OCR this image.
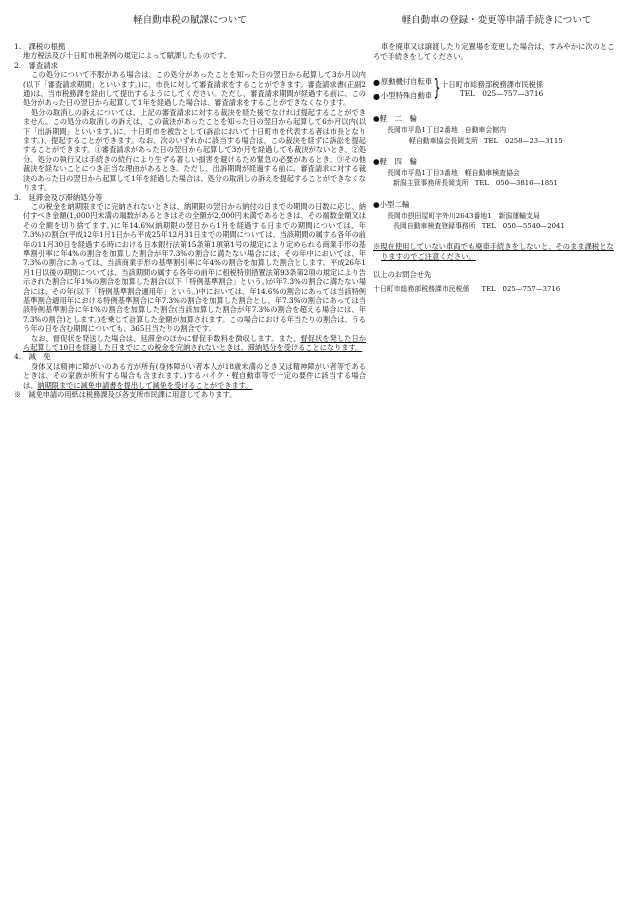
軽自動車税の賦課について
1.　課税の根拠

地方税法及び十日町市税条例の規定によって賦課したものです。

2.　審査請求

この処分について不服がある場合は、この処分があったことを知った日の翌日から起算して3か月以内(以下「審査請求期間」といいます。)に、市長に対して審査請求をすることができます。審査請求書(正副2通)は、当市税務課を経由して提出するようにしてください。ただし、審査請求期間が経過する前に、この処分があった日の翌日から起算して1年を経過した場合は、審査請求をすることができなくなります。

処分の取消しの訴えについては、上記の審査請求に対する裁決を経た後でなければ提起することができません。この処分の取消しの訴えは、この裁決があったことを知った日の翌日から起算して6か月以内(以下「出訴期間」といいます。)に、十日町市を被告として(訴訟において十日町市を代表する者は市長となります。)、提起することができます。なお、次のいずれかに該当する場合は、この裁決を経ずに訴訟を提起することができます。①審査請求があった日の翌日から起算して3か月を経過しても裁決がないとき、②処分、処分の執行又は手続きの続行により生ずる著しい損害を避けるため緊急の必要があるとき、③その他裁決を経ないことにつき正当な理由があるとき。ただし、出訴期間が経過する前に、審査請求に対する裁決のあった日の翌日から起算して1年を経過した場合は、処分の取消しの訴えを提起することができなくなります。

3.　延滞金及び滞納処分等

この税金を納期限までに完納されないときは、納期限の翌日から納付の日までの期間の日数に応じ、納付すべき金額(1,000円未満の端数があるときはその全額が2,000円未満であるときは、その端数金額又はその全額を切り捨てます。)に年14.6%(納期限の翌日から1月を経過する日までの期間については、年7.3%)の割合(平成12年1月1日から平成25年12月31日までの期間については、当該期間の属する各年の前年の11月30日を経過する時における日本銀行法第15条第1項第1号の規定により定められる商業手形の基準割引率に年4%の割合を加算した割合が年7.3%の割合に満たない場合には、その年中においては、年7.3%の割合にあっては、当該商業手形の基準割引率に年4%の割合を加算した割合とします。平成26年1月1日以後の期間については、当該期間の属する各年の前年に租税特別措置法第93条第2項の規定により告示された割合に年1%の割合を加算した割合(以下「特例基準割合」という。)が年7.3%の割合に満たない場合には、その年(以下「特例基準割合適用年」という。)中においては、年14.6%の割合にあっては当該特例基準割合適用年における特例基準割合に年7.3%の割合を加算した割合とし、年7.3%の割合にあっては当該特例基準割合に年1%の割合を加算した割合(当該加算した割合が年7.3%の割合を超える場合には、年7.3%の割合)とします。)を乗じて計算した金額が加算されます。この場合における年当たりの割合は、うるう年の日を含む期間についても、365日当たりの割合です。

なお、督促状を発送した場合は、延滞金のほかに督促手数料を徴収します。また、督促状を発した日から起算して10日を経過した日までにこの税金を完納されないときは、滞納処分を受けることになります。

4.　減　免

身体又は精神に障がいのある方が所有(身体障がい者本人が18歳未満のとき又は精神障がい者等であるときは、その家族が所有する場合も含まれます。)するバイク・軽自動車等で一定の要件に該当する場合は、納期限までに減免申請書を提出して減免を受けることができます。

※　減免申請の用紙は税務課及び各支所市民課に用意してあります。

軽自動車の登録・変更等申請手続きについて
車を廃車又は譲渡したり定置場を変更した場合は、すみやかに次のところで手続きをしてください。
● 原動機付自転車
● 小型特殊自動車 } 十日町市総務部税務課市民税係
TEL　025—757—3716
●軽　二　輪
長岡市平島1丁目2番地　自動車会館内
軽自動車協会長岡支所 TEL　0258—23—3115
●軽　四　輪
長岡市平島1丁目3番地　軽自動車検査協会
新潟主管事務所長岡支所 TEL　050—3816—1851
●小型二輪
長岡市摂田屋町字外川2643番地1　新潟運輸支局
長岡自動車検査登録事務所 TEL　050—5540—2041
※現在使用していない車両でも廃車手続きをしないと、そのまま課税となりますのでご注意ください。
以上のお問合せ先
十日町市総務部税務課市民税係 TEL　025—757—3716
